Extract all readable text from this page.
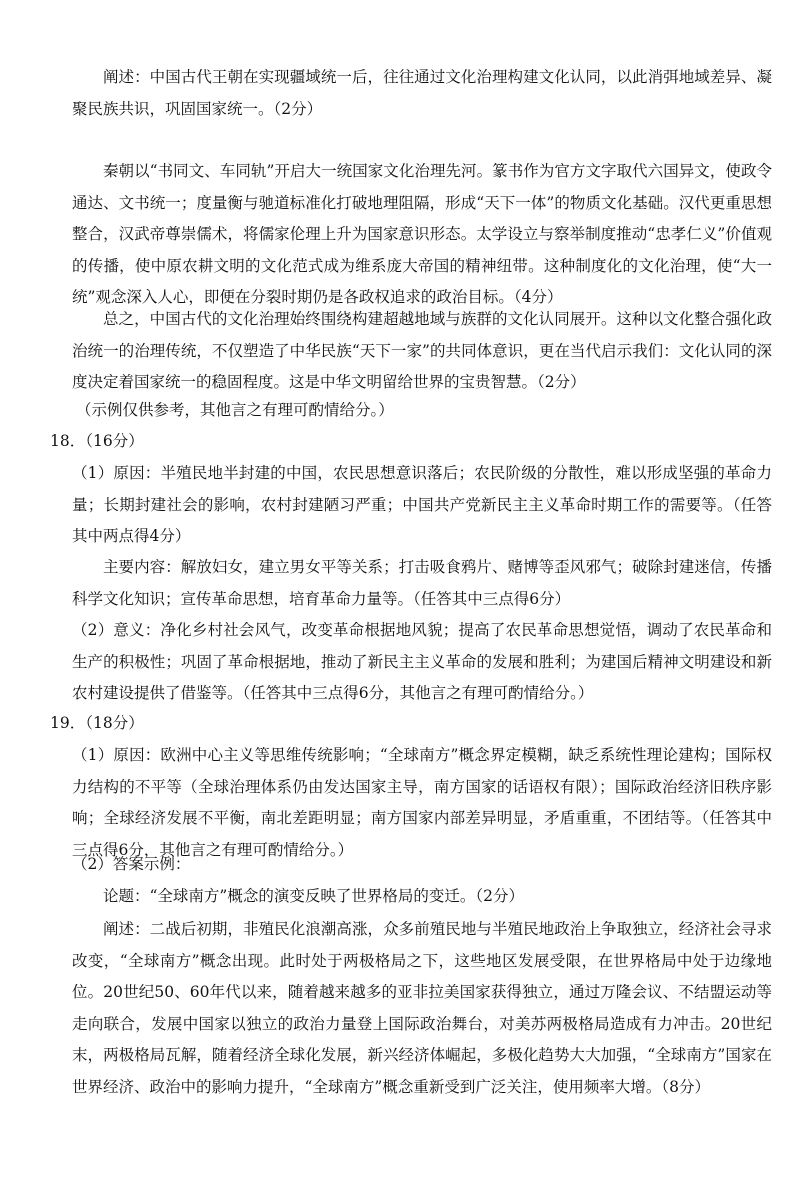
阐述：中国古代王朝在实现疆域统一后，往往通过文化治理构建文化认同，以此消弭地域差异、凝聚民族共识，巩固国家统一。（2分）

秦朝以“书同文、车同轨”开启大一统国家文化治理先河。篆书作为官方文字取代六国异文，使政令通达、文书统一；度量衡与驰道标准化打破地理阻隔，形成“天下一体”的物质文化基础。汉代更重思想整合，汉武帝尊崇儒术，将儒家伦理上升为国家意识形态。太学设立与察举制度推动“忠孝仁义”价值观的传播，使中原农耕文明的文化范式成为维系庞大帝国的精神纽带。这种制度化的文化治理，使“大一统”观念深入人心，即便在分裂时期仍是各政权追求的政治目标。（4分）

总之，中国古代的文化治理始终围绕构建超越地域与族群的文化认同展开。这种以文化整合强化政治统一的治理传统，不仅塑造了中华民族“天下一家”的共同体意识，更在当代启示我们：文化认同的深度决定着国家统一的稳固程度。这是中华文明留给世界的宝贵智慧。（2分）

（示例仅供参考，其他言之有理可酌情给分。）

18．（16分）

（1）原因：半殖民地半封建的中国，农民思想意识落后；农民阶级的分散性，难以形成坚强的革命力量；长期封建社会的影响，农村封建陋习严重；中国共产党新民主主义革命时期工作的需要等。（任答其中两点得4分）

主要内容：解放妇女，建立男女平等关系；打击吸食鸦片、赌博等歪风邪气；破除封建迷信，传播科学文化知识；宣传革命思想，培育革命力量等。（任答其中三点得6分）

（2）意义：净化乡村社会风气，改变革命根据地风貌；提高了农民革命思想觉悟，调动了农民革命和生产的积极性；巩固了革命根据地，推动了新民主主义革命的发展和胜利；为建国后精神文明建设和新农村建设提供了借鉴等。（任答其中三点得6分，其他言之有理可酌情给分。）

19．（18分）

（1）原因：欧洲中心主义等思维传统影响；“全球南方”概念界定模糊，缺乏系统性理论建构；国际权力结构的不平等（全球治理体系仍由发达国家主导，南方国家的话语权有限）；国际政治经济旧秩序影响；全球经济发展不平衡，南北差距明显；南方国家内部差异明显，矛盾重重，不团结等。（任答其中三点得6分，其他言之有理可酌情给分。）

（2）答案示例：

论题：“全球南方”概念的演变反映了世界格局的变迁。（2分）

阐述：二战后初期，非殖民化浪潮高涨，众多前殖民地与半殖民地政治上争取独立，经济社会寻求改变，“全球南方”概念出现。此时处于两极格局之下，这些地区发展受限，在世界格局中处于边缘地位。20世纪50、60年代以来，随着越来越多的亚非拉美国家获得独立，通过万隆会议、不结盟运动等走向联合，发展中国家以独立的政治力量登上国际政治舞台，对美苏两极格局造成有力冲击。20世纪末，两极格局瓦解，随着经济全球化发展，新兴经济体崛起，多极化趋势大大加强，“全球南方”国家在世界经济、政治中的影响力提升，“全球南方”概念重新受到广泛关注，使用频率大增。（8分）
